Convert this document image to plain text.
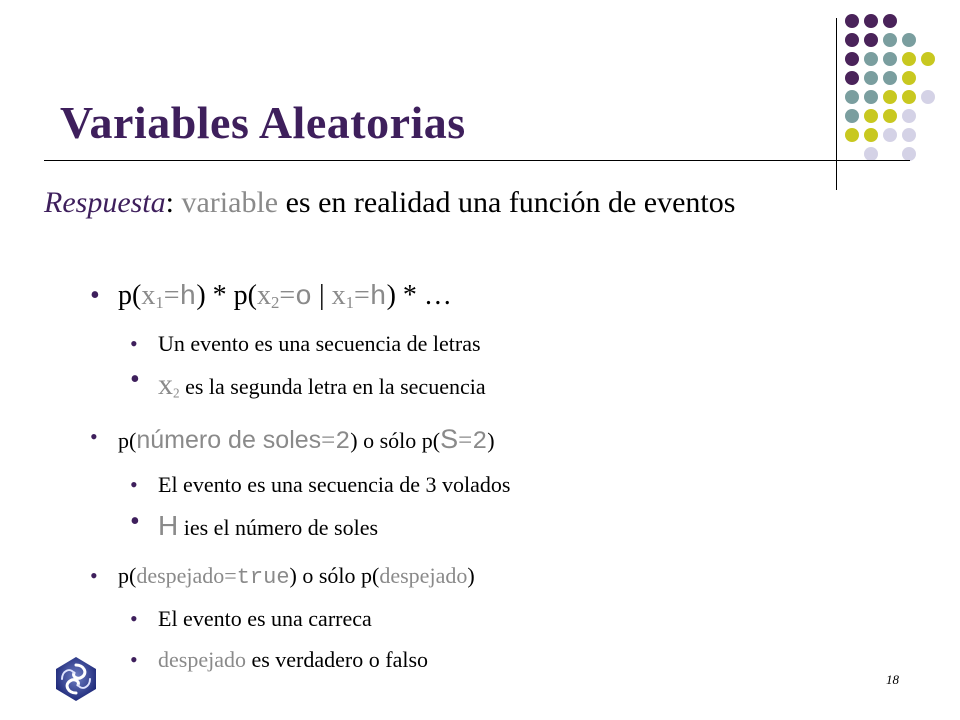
Variables Aleatorias
Respuesta: variable es en realidad una función de eventos
• $p(x_1=h) * p(x_2=o$ | $x_1=h$) * …
• Un evento es una secuencia de letras
• $x_2$ es la segunda letra en la secuencia
• p(número de soles=2) o sólo p(S=2)
• El evento es una secuencia de 3 volados
• H ies el número de soles
• p(despejado=true) o sólo p(despejado)
• El evento es una carreca
• despejado es verdadero o falso
18
